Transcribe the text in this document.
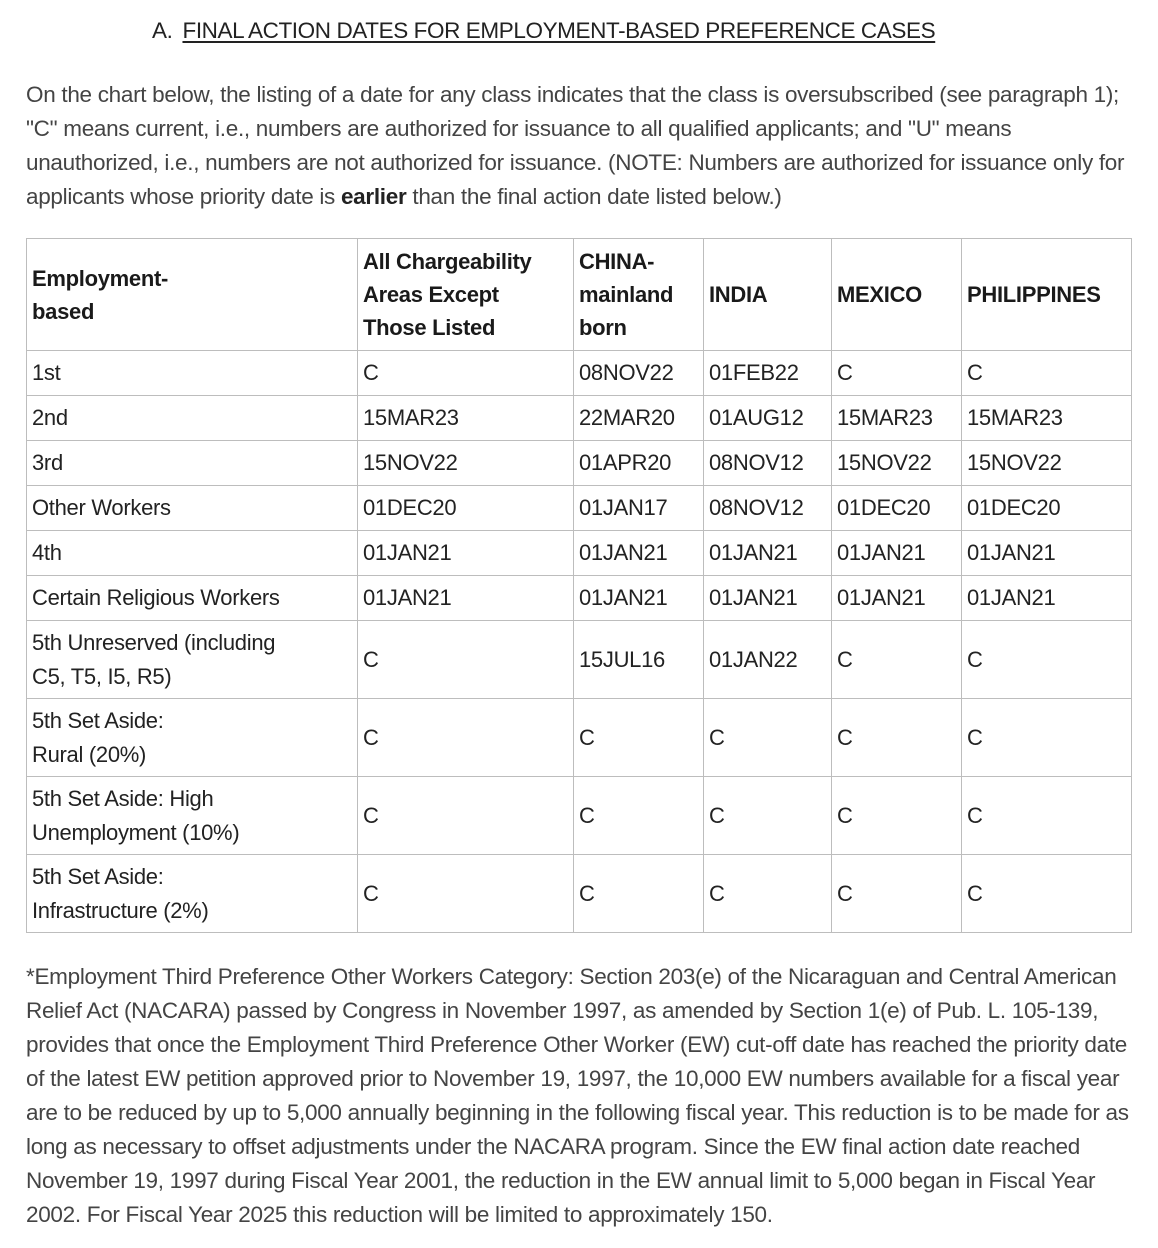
A. FINAL ACTION DATES FOR EMPLOYMENT-BASED PREFERENCE CASES
On the chart below, the listing of a date for any class indicates that the class is oversubscribed (see paragraph 1); "C" means current, i.e., numbers are authorized for issuance to all qualified applicants; and "U" means unauthorized, i.e., numbers are not authorized for issuance. (NOTE: Numbers are authorized for issuance only for applicants whose priority date is earlier than the final action date listed below.)
Employment-based	All Chargeability Areas Except Those Listed	CHINA-mainland born	INDIA	MEXICO	PHILIPPINES
1st	C	08NOV22	01FEB22	C	C
2nd	15MAR23	22MAR20	01AUG12	15MAR23	15MAR23
3rd	15NOV22	01APR20	08NOV12	15NOV22	15NOV22
Other Workers	01DEC20	01JAN17	08NOV12	01DEC20	01DEC20
4th	01JAN21	01JAN21	01JAN21	01JAN21	01JAN21
Certain Religious Workers	01JAN21	01JAN21	01JAN21	01JAN21	01JAN21
5th Unreserved (including C5, T5, I5, R5)	C	15JUL16	01JAN22	C	C
5th Set Aside: Rural (20%)	C	C	C	C	C
5th Set Aside: High Unemployment (10%)	C	C	C	C	C
5th Set Aside: Infrastructure (2%)	C	C	C	C	C
*Employment Third Preference Other Workers Category: Section 203(e) of the Nicaraguan and Central American Relief Act (NACARA) passed by Congress in November 1997, as amended by Section 1(e) of Pub. L. 105-139, provides that once the Employment Third Preference Other Worker (EW) cut-off date has reached the priority date of the latest EW petition approved prior to November 19, 1997, the 10,000 EW numbers available for a fiscal year are to be reduced by up to 5,000 annually beginning in the following fiscal year. This reduction is to be made for as long as necessary to offset adjustments under the NACARA program. Since the EW final action date reached November 19, 1997 during Fiscal Year 2001, the reduction in the EW annual limit to 5,000 began in Fiscal Year 2002. For Fiscal Year 2025 this reduction will be limited to approximately 150.
